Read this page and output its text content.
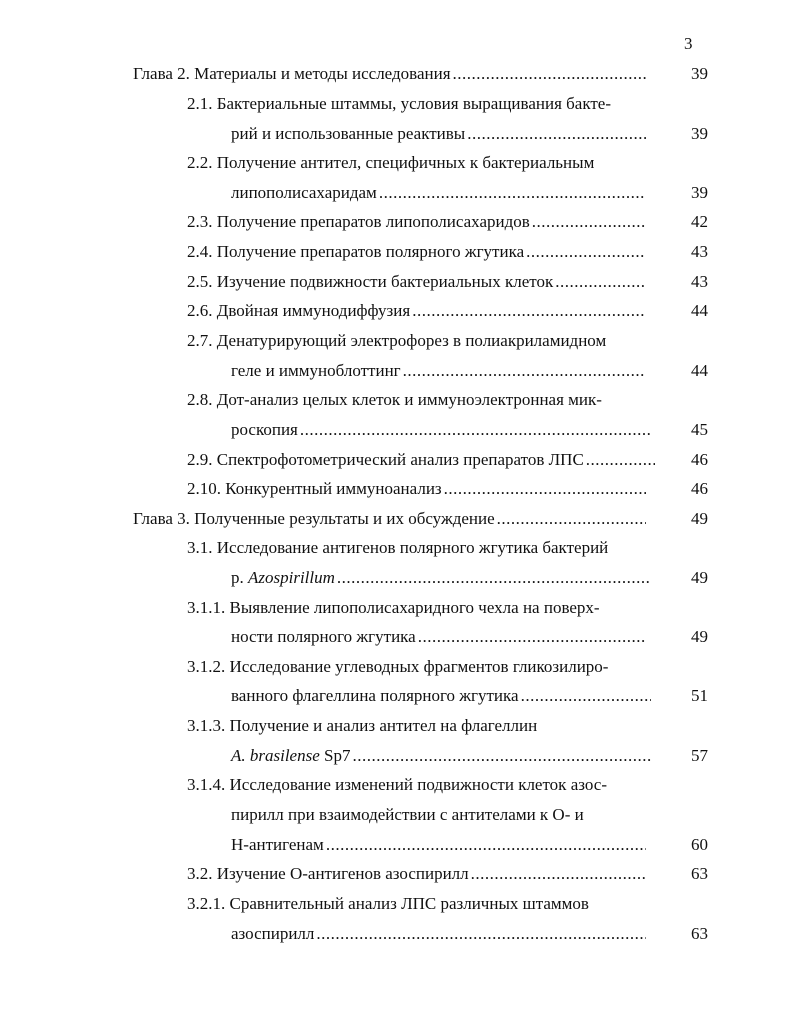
3
Глава 2. Материалы и методы исследования .....	39
2.1. Бактериальные штаммы, условия выращивания бакте-
рий и использованные реактивы .....	39
2.2. Получение антител, специфичных к бактериальным
липополисахаридам .....	39
2.3. Получение препаратов липополисахаридов .....	42
2.4. Получение препаратов полярного жгутика .....	43
2.5. Изучение подвижности бактериальных клеток .....	43
2.6. Двойная иммунодиффузия .....	44
2.7. Денатурирующий электрофорез в полиакриламидном
геле и иммуноблоттинг .....	44
2.8. Дот-анализ целых клеток и иммуноэлектронная мик-
роскопия .....	45
2.9. Спектрофотометрический анализ препаратов ЛПС .....	46
2.10. Конкурентный иммуноанализ .....	46
Глава 3. Полученные результаты и их обсуждение .....	49
3.1. Исследование антигенов полярного жгутика бактерий
р. Azospirillum .....	49
3.1.1. Выявление липополисахаридного чехла на поверх-
ности полярного жгутика .....	49
3.1.2. Исследование углеводных фрагментов гликозилиро-
ванного флагеллина полярного жгутика .....	51
3.1.3. Получение и анализ антител на флагеллин
A. brasilense Sp7 .....	57
3.1.4. Исследование изменений подвижности клеток азос-
пирилл при взаимодействии с антителами к О- и
Н-антигенам .....	60
3.2. Изучение О-антигенов азоспирилл .....	63
3.2.1. Сравнительный анализ ЛПС различных штаммов
азоспирилл .....	63
